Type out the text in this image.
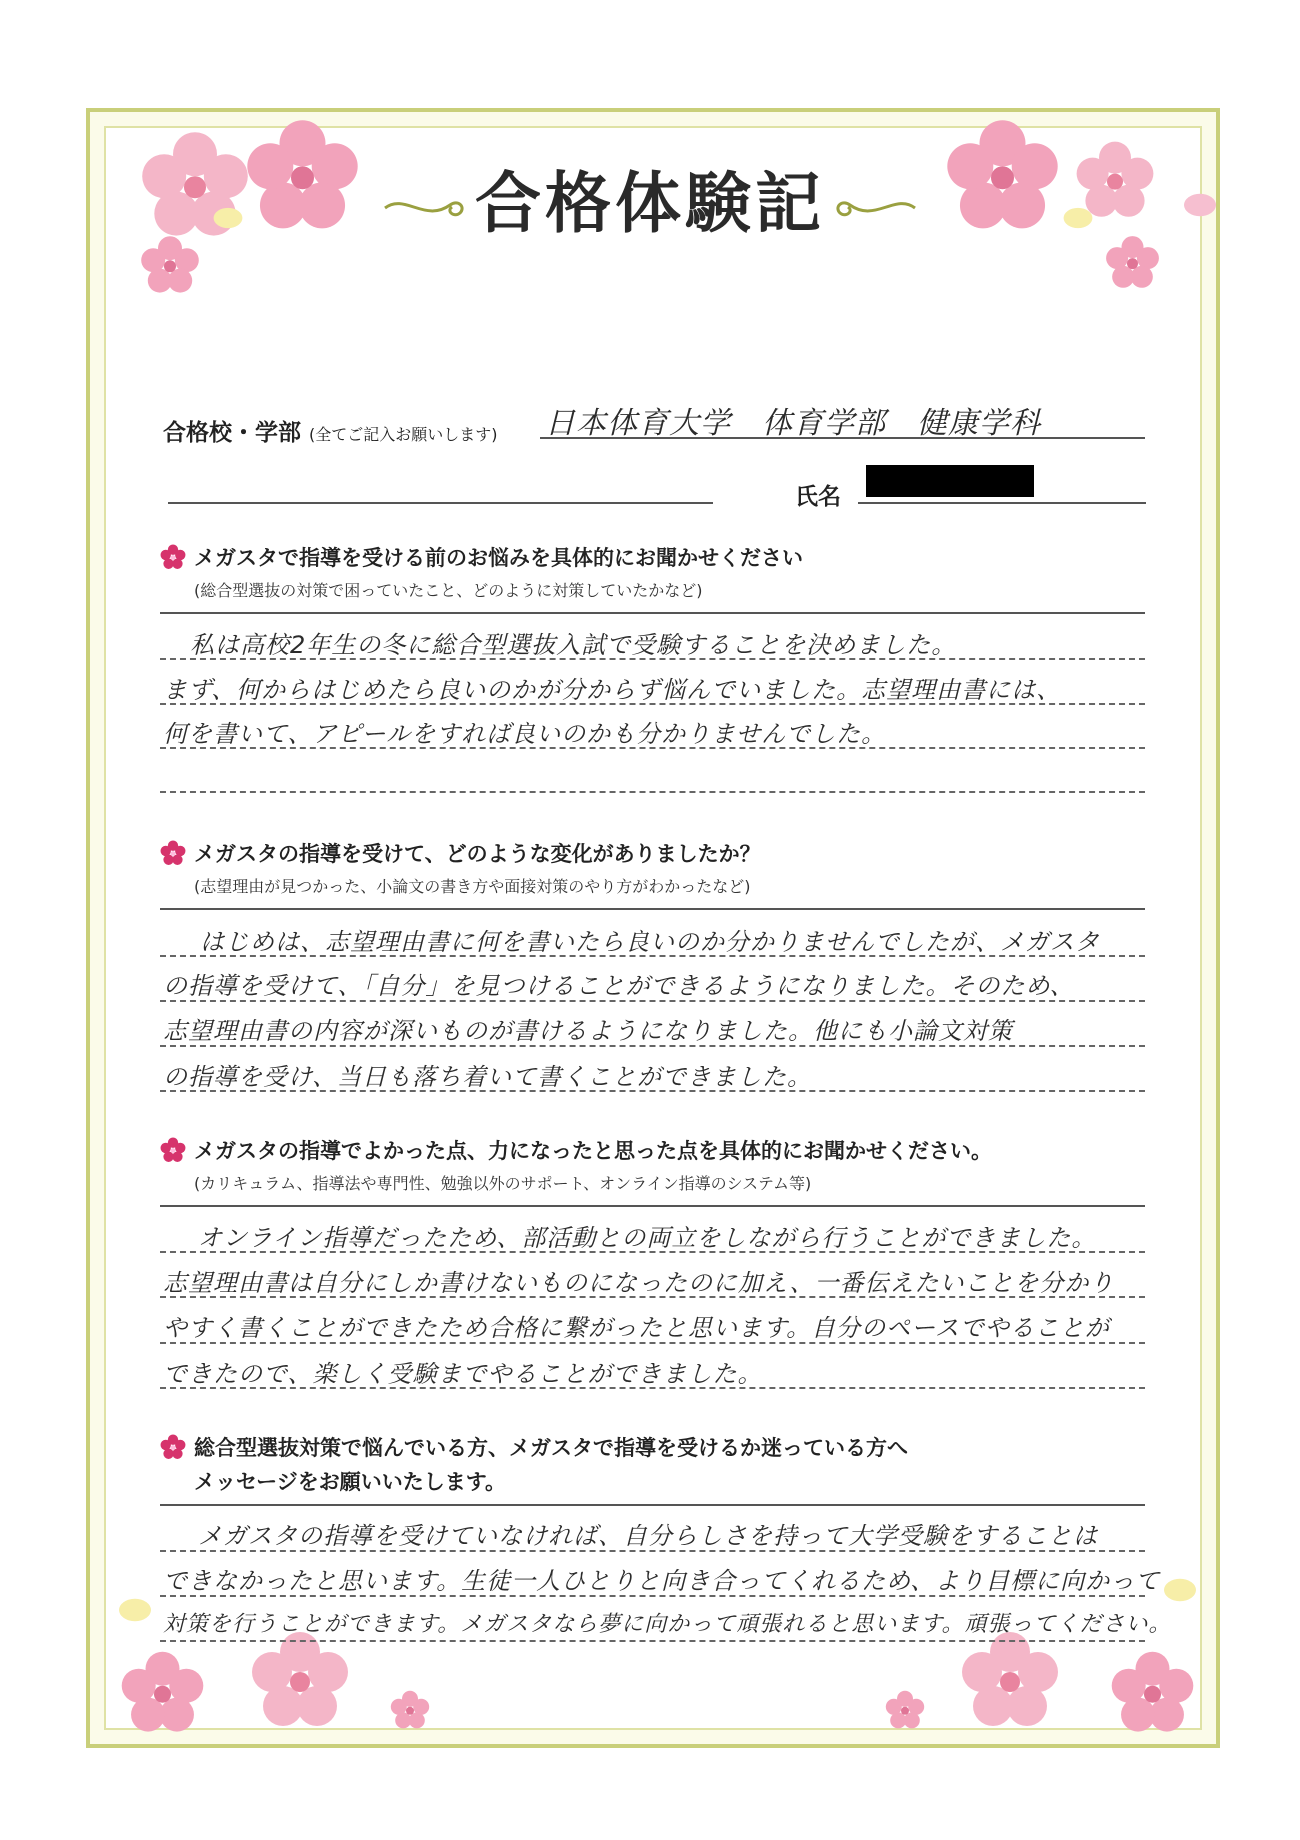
合格体験記
合格校・学部 (全てご記入お願いします) 日本体育大学　体育学部　健康学科
氏名
メガスタで指導を受ける前のお悩みを具体的にお聞かせください
(総合型選抜の対策で困っていたこと、どのように対策していたかなど)
私は高校2年生の冬に総合型選抜入試で受験することを決めました。
まず、何からはじめたら良いのかが分からず悩んでいました。志望理由書には、
何を書いて、アピールをすれば良いのかも分かりませんでした。
メガスタの指導を受けて、どのような変化がありましたか？
(志望理由が見つかった、小論文の書き方や面接対策のやり方がわかったなど)
はじめは、志望理由書に何を書いたら良いのか分かりませんでしたが、メガスタ
の指導を受けて、「自分」を見つけることができるようになりました。そのため、
志望理由書の内容が深いものが書けるようになりました。他にも小論文対策
の指導を受け、当日も落ち着いて書くことができました。
メガスタの指導でよかった点、力になったと思った点を具体的にお聞かせください。
(カリキュラム、指導法や専門性、勉強以外のサポート、オンライン指導のシステム等)
オンライン指導だったため、部活動との両立をしながら行うことができました。
志望理由書は自分にしか書けないものになったのに加え、一番伝えたいことを分かり
やすく書くことができたため合格に繋がったと思います。自分のペースでやることが
できたので、楽しく受験までやることができました。
総合型選抜対策で悩んでいる方、メガスタで指導を受けるか迷っている方へ
メッセージをお願いいたします。
メガスタの指導を受けていなければ、自分らしさを持って大学受験をすることは
できなかったと思います。生徒一人ひとりと向き合ってくれるため、より目標に向かって
対策を行うことができます。メガスタなら夢に向かって頑張れると思います。頑張ってください。
